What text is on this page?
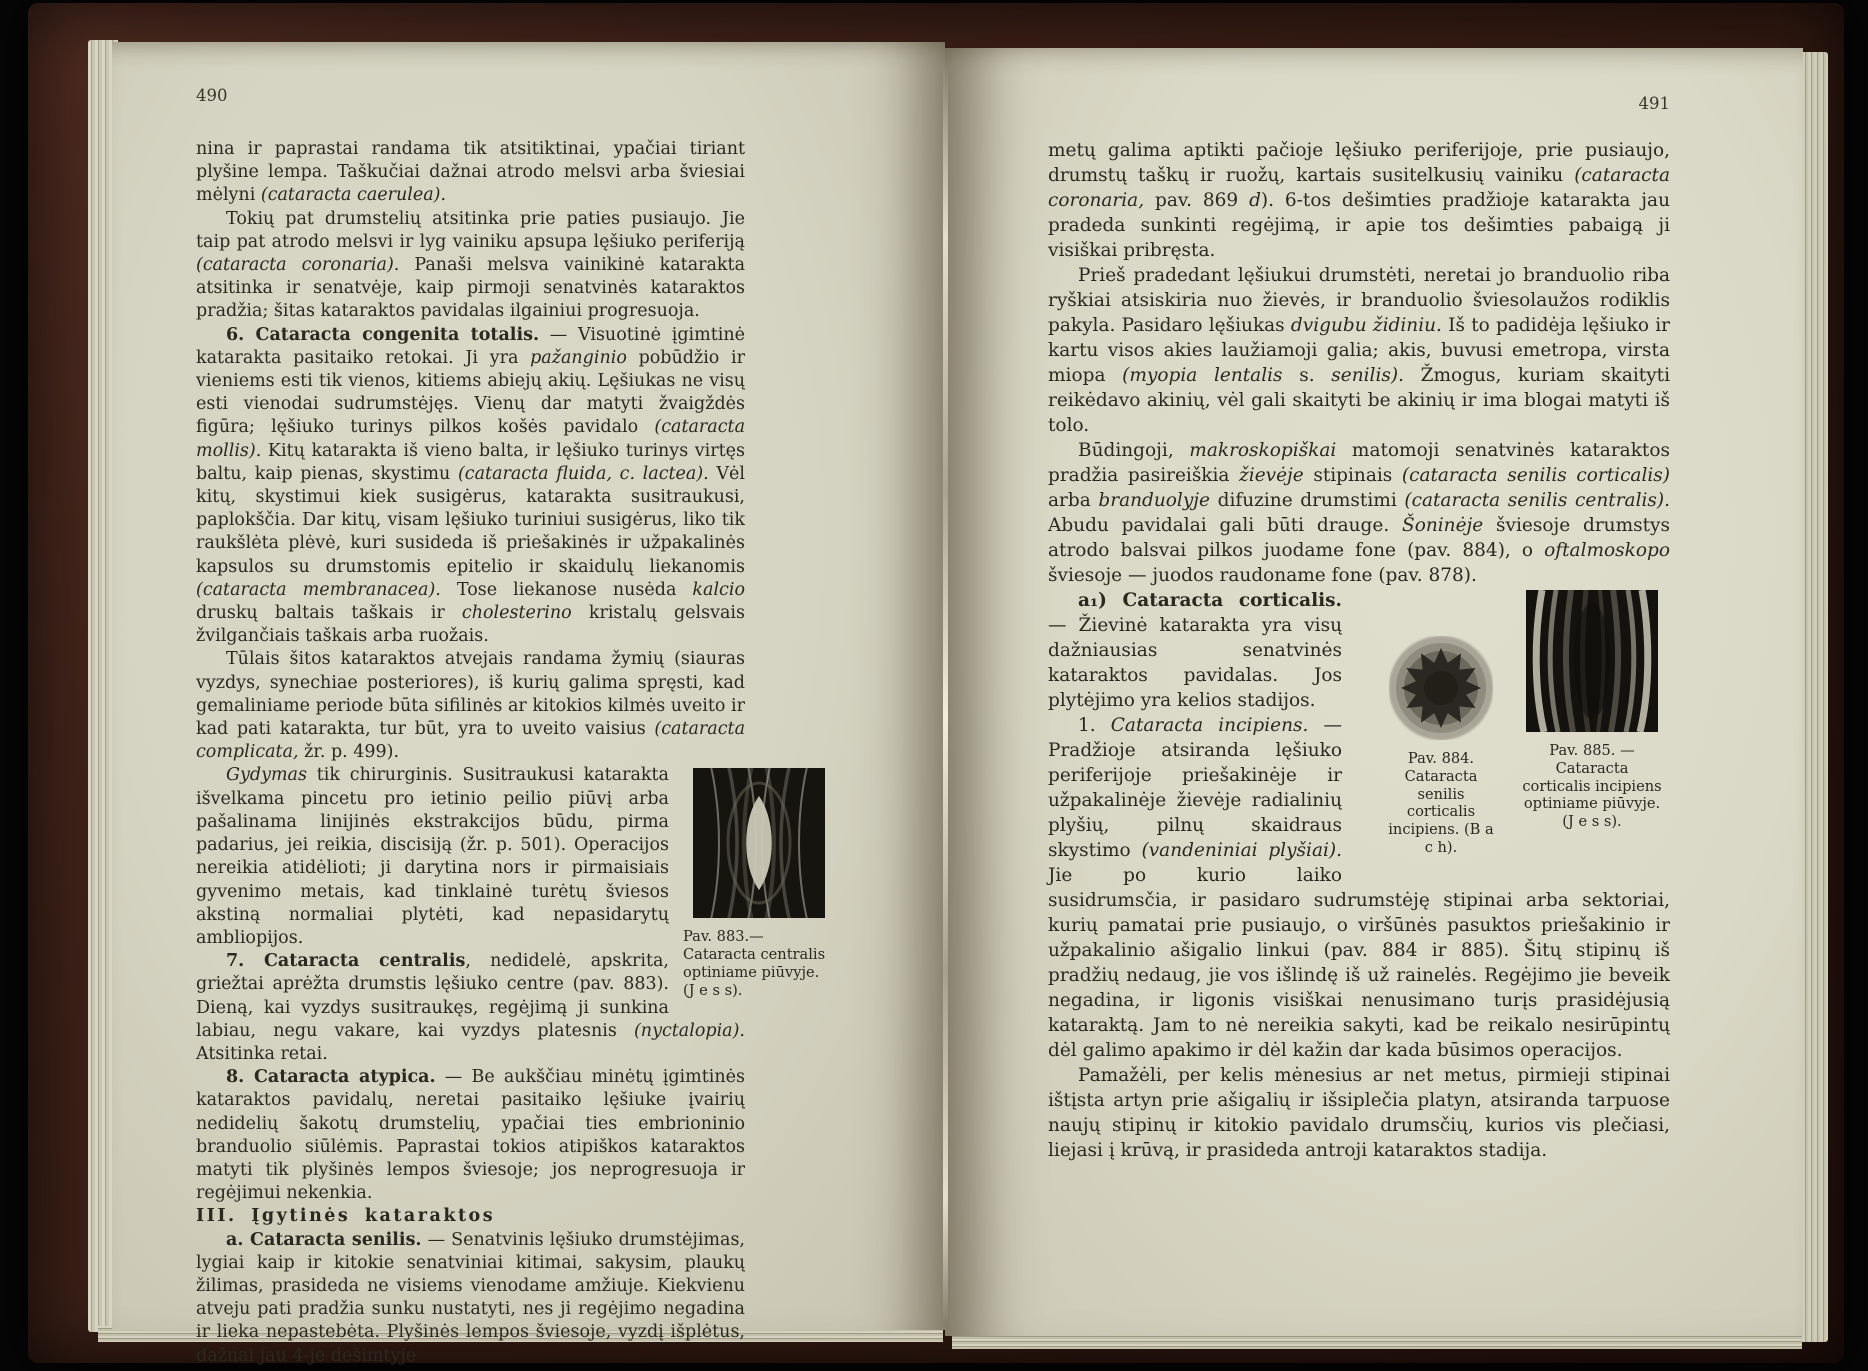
490

nina ir paprastai randama tik atsitiktinai, ypačiai tiriant plyšine lempa. Taškučiai dažnai atrodo melsvi arba šviesiai mėlyni (cataracta caerulea).

Tokių pat drumstelių atsitinka prie paties pusiaujo. Jie taip pat atrodo melsvi ir lyg vainiku apsupa lęšiuko periferiją (cataracta coronaria). Panaši melsva vainikinė katarakta atsitinka ir senatvėje, kaip pirmoji senatvinės kataraktos pradžia; šitas kataraktos pavidalas ilgainiui progresuoja.

6. Cataracta congenita totalis. — Visuotinė įgimtinė katarakta pasitaiko retokai. Ji yra pažanginio pobūdžio ir vieniems esti tik vienos, kitiems abiejų akių. Lęšiukas ne visų esti vienodai sudrumstėjęs. Vienų dar matyti žvaigždės figūra; lęšiuko turinys pilkos košės pavidalo (cataracta mollis). Kitų katarakta iš vieno balta, ir lęšiuko turinys virtęs baltu, kaip pienas, skystimu (cataracta fluida, c. lactea). Vėl kitų, skystimui kiek susigėrus, katarakta susitraukusi, paplokščia. Dar kitų, visam lęšiuko turiniui susigėrus, liko tik raukšlėta plėvė, kuri susideda iš priešakinės ir užpakalinės kapsulos su drumstomis epitelio ir skaidulų liekanomis (cataracta membranacea). Tose liekanose nusėda kalcio druskų baltais taškais ir cholesterino kristalų gelsvais žvilgančiais taškais arba ruožais.

Tūlais šitos kataraktos atvejais randama žymių (siauras vyzdys, synechiae posteriores), iš kurių galima spręsti, kad gemaliniame periode būta sifilinės ar kitokios kilmės uveito ir kad pati katarakta, tur būt, yra to uveito vaisius (cataracta complicata, žr. p. 499).

Pav. 883.— Cataracta centralis optiniame piūvyje. (J e s s).
Gydymas tik chirurginis. Susitraukusi katarakta išvelkama pincetu pro ietinio peilio piūvį arba pašalinama linijinės ekstrakcijos būdu, pirma padarius, jei reikia, discisiją (žr. p. 501). Operacijos nereikia atidėlioti; ji darytina nors ir pirmaisiais gyvenimo metais, kad tinklainė turėtų šviesos akstiną normaliai plytėti, kad nepasidarytų ambliopijos.

7. Cataracta centralis, nedidelė, apskrita, griežtai aprėžta drumstis lęšiuko centre (pav. 883). Dieną, kai vyzdys susitraukęs, regėjimą ji sunkina labiau, negu vakare, kai vyzdys platesnis (nyctalopia). Atsitinka retai.

8. Cataracta atypica. — Be aukščiau minėtų įgimtinės kataraktos pavidalų, neretai pasitaiko lęšiuke įvairių nedidelių šakotų drumstelių, ypačiai ties embrioninio branduolio siūlėmis. Paprastai tokios atipiškos kataraktos matyti tik plyšinės lempos šviesoje; jos neprogresuoja ir regėjimui nekenkia.

III. Įgytinės kataraktos

a. Cataracta senilis. — Senatvinis lęšiuko drumstėjimas, lygiai kaip ir kitokie senatviniai kitimai, sakysim, plaukų žilimas, prasideda ne visiems vienodame amžiuje. Kiekvienu atveju pati pradžia sunku nustatyti, nes ji regėjimo negadina ir lieka nepastebėta. Plyšinės lempos šviesoje, vyzdį išplėtus, dažnai jau 4-je dešimtyje

491

metų galima aptikti pačioje lęšiuko periferijoje, prie pusiaujo, drumstų taškų ir ruožų, kartais susitelkusių vainiku (cataracta coronaria, pav. 869 d). 6-tos dešimties pradžioje katarakta jau pradeda sunkinti regėjimą, ir apie tos dešimties pabaigą ji visiškai pribręsta.

Prieš pradedant lęšiukui drumstėti, neretai jo branduolio riba ryškiai atsiskiria nuo žievės, ir branduolio šviesolaužos rodiklis pakyla. Pasidaro lęšiukas dvigubu židiniu. Iš to padidėja lęšiuko ir kartu visos akies laužiamoji galia; akis, buvusi emetropa, virsta miopa (myopia lentalis s. senilis). Žmogus, kuriam skaityti reikėdavo akinių, vėl gali skaityti be akinių ir ima blogai matyti iš tolo.

Būdingoji, makroskopiškai matomoji senatvinės kataraktos pradžia pasireiškia žievėje stipinais (cataracta senilis corticalis) arba branduolyje difuzine drumstimi (cataracta senilis centralis). Abudu pavidalai gali būti drauge. Šoninėje šviesoje drumstys atrodo balsvai pilkos juodame fone (pav. 884), o oftalmoskopo šviesoje — juodos raudoname fone (pav. 878).

Pav. 884. Cataracta senilis corticalis incipiens. (B a c h).
Pav. 885. — Cataracta corticalis incipiens optiniame piūvyje. (J e s s).
a₁) Cataracta corticalis. — Žievinė katarakta yra visų dažniausias senatvinės kataraktos pavidalas. Jos plytėjimo yra kelios stadijos.

1. Cataracta incipiens. — Pradžioje atsiranda lęšiuko periferijoje priešakinėje ir užpakalinėje žievėje radialinių plyšių, pilnų skaidraus skystimo (vandeniniai plyšiai). Jie po kurio laiko susidrumsčia, ir pasidaro sudrumstėję stipinai arba sektoriai, kurių pamatai prie pusiaujo, o viršūnės pasuktos priešakinio ir užpakalinio ašigalio linkui (pav. 884 ir 885). Šitų stipinų iš pradžių nedaug, jie vos išlindę iš už rainelės. Regėjimo jie beveik negadina, ir ligonis visiškai nenusimano turįs prasidėjusią kataraktą. Jam to nė nereikia sakyti, kad be reikalo nesirūpintų dėl galimo apakimo ir dėl kažin dar kada būsimos operacijos.

Pamažėli, per kelis mėnesius ar net metus, pirmieji stipinai ištįsta artyn prie ašigalių ir išsiplečia platyn, atsiranda tarpuose naujų stipinų ir kitokio pavidalo drumsčių, kurios vis plečiasi, liejasi į krūvą, ir prasideda antroji kataraktos stadija.
